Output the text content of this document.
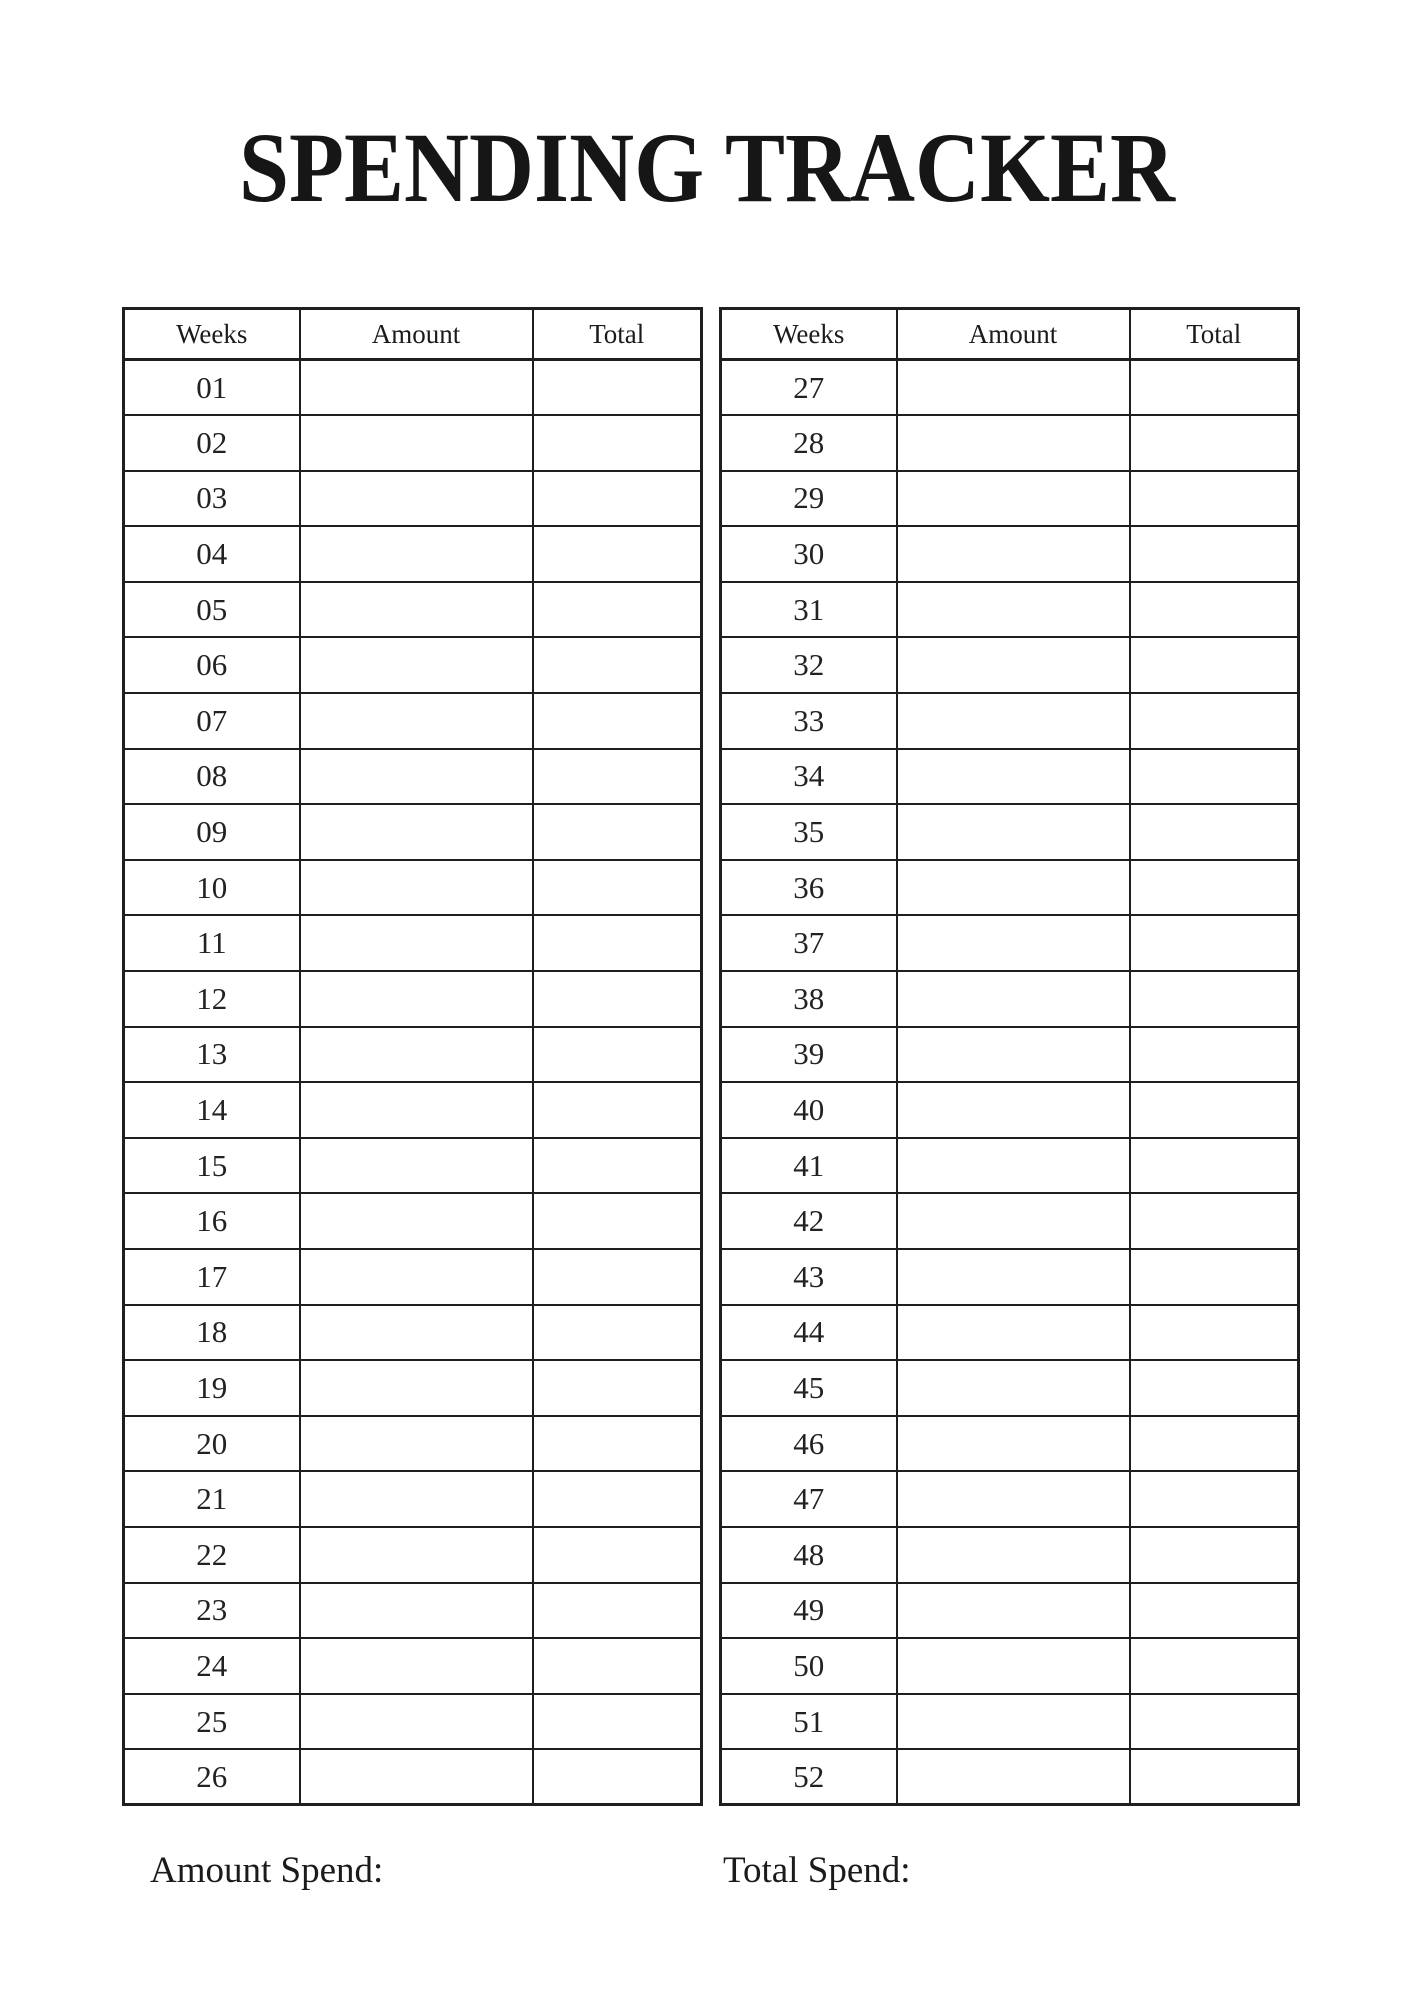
SPENDING TRACKER
Weeks	Amount	Total
01		
02		
03		
04		
05		
06		
07		
08		
09		
10		
11		
12		
13		
14		
15		
16		
17		
18		
19		
20		
21		
22		
23		
24		
25		
26		
Weeks	Amount	Total
27		
28		
29		
30		
31		
32		
33		
34		
35		
36		
37		
38		
39		
40		
41		
42		
43		
44		
45		
46		
47		
48		
49		
50		
51		
52		
Amount Spend:	Total Spend:
